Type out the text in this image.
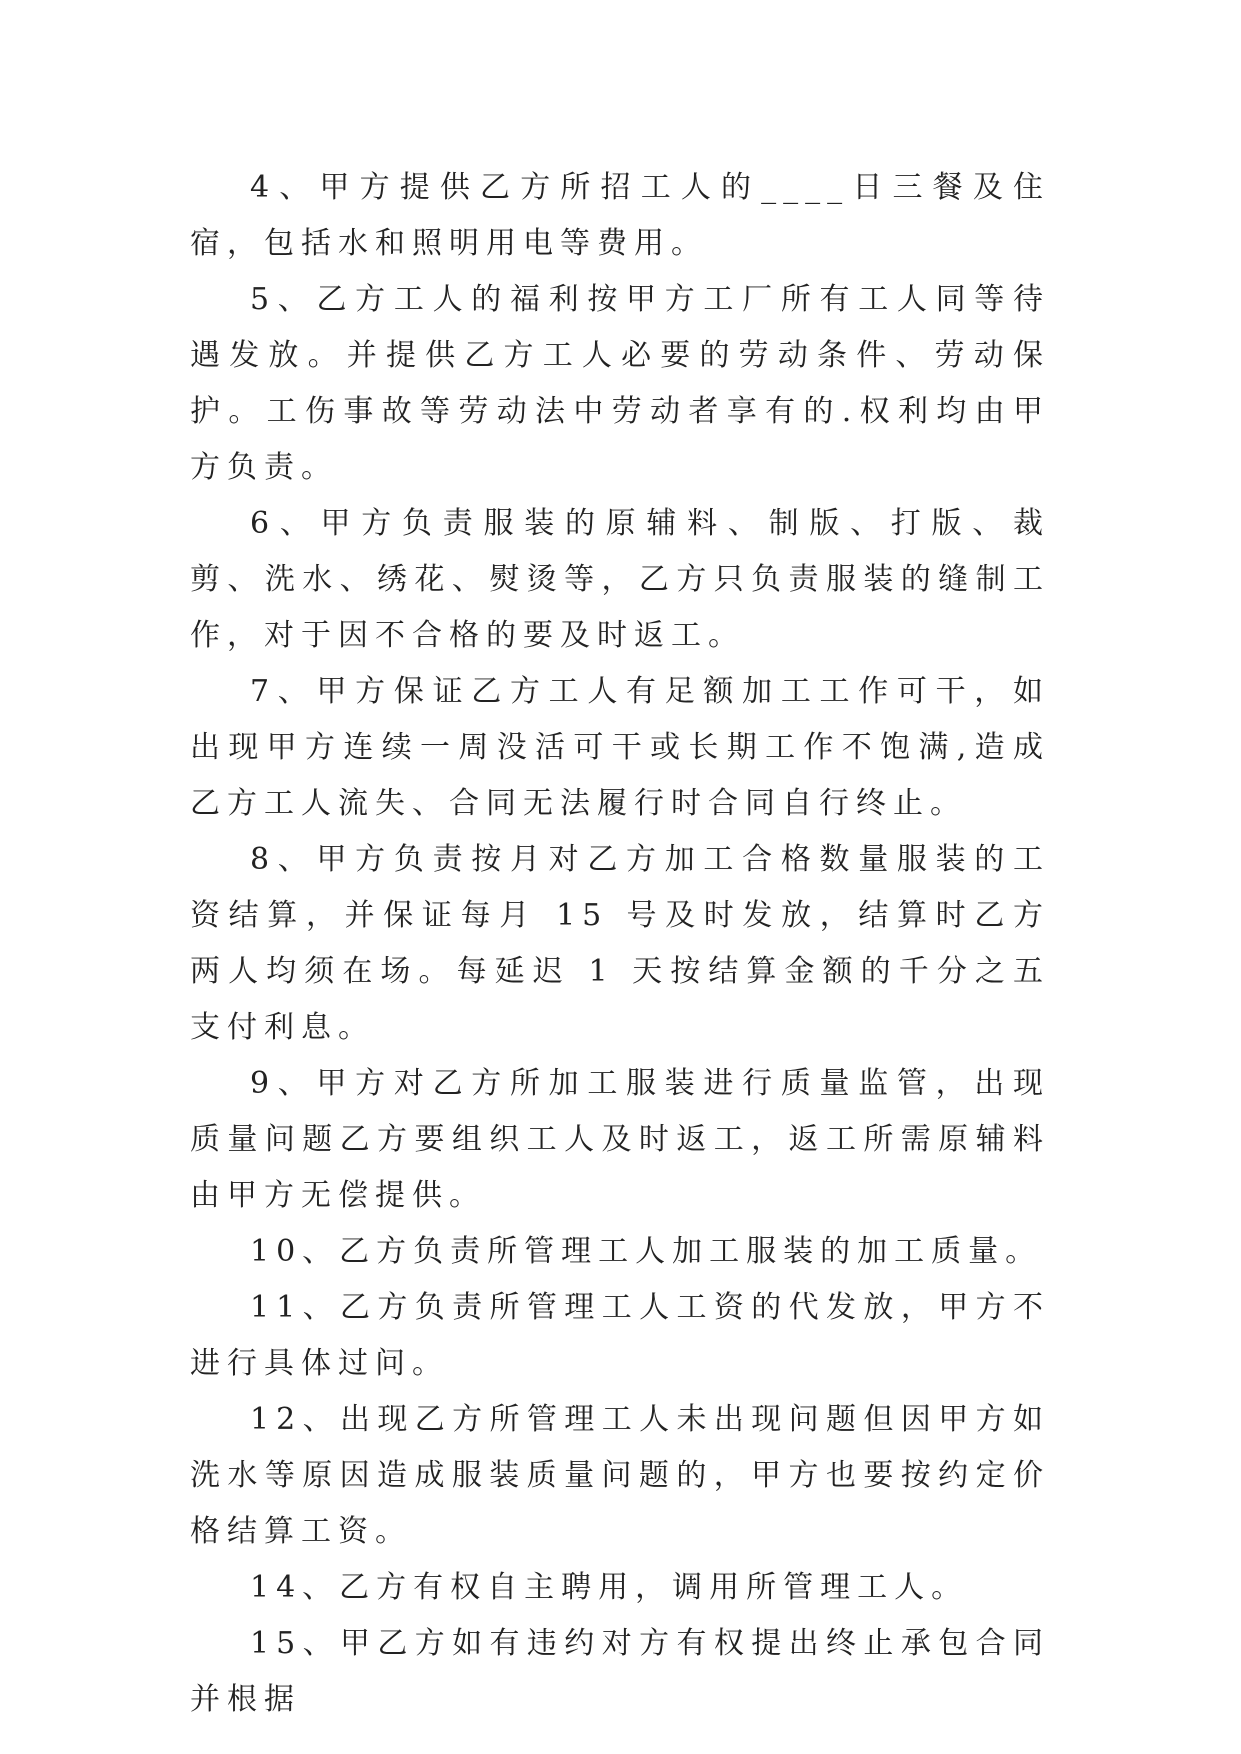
4、甲方提供乙方所招工人的____日三餐及住宿，包括水和照明用电等费用。

5、乙方工人的福利按甲方工厂所有工人同等待遇发放。并提供乙方工人必要的劳动条件、劳动保护。工伤事故等劳动法中劳动者享有的.权利均由甲方负责。

6、甲方负责服装的原辅料、制版、打版、裁剪、洗水、绣花、熨烫等，乙方只负责服装的缝制工作，对于因不合格的要及时返工。

7、甲方保证乙方工人有足额加工工作可干，如出现甲方连续一周没活可干或长期工作不饱满,造成乙方工人流失、合同无法履行时合同自行终止。

8、甲方负责按月对乙方加工合格数量服装的工资结算，并保证每月 15 号及时发放，结算时乙方两人均须在场。每延迟 1 天按结算金额的千分之五支付利息。

9、甲方对乙方所加工服装进行质量监管，出现质量问题乙方要组织工人及时返工，返工所需原辅料由甲方无偿提供。

10、乙方负责所管理工人加工服装的加工质量。

11、乙方负责所管理工人工资的代发放，甲方不进行具体过问。

12、出现乙方所管理工人未出现问题但因甲方如洗水等原因造成服装质量问题的，甲方也要按约定价格结算工资。

14、乙方有权自主聘用，调用所管理工人。

15、甲乙方如有违约对方有权提出终止承包合同并根据
